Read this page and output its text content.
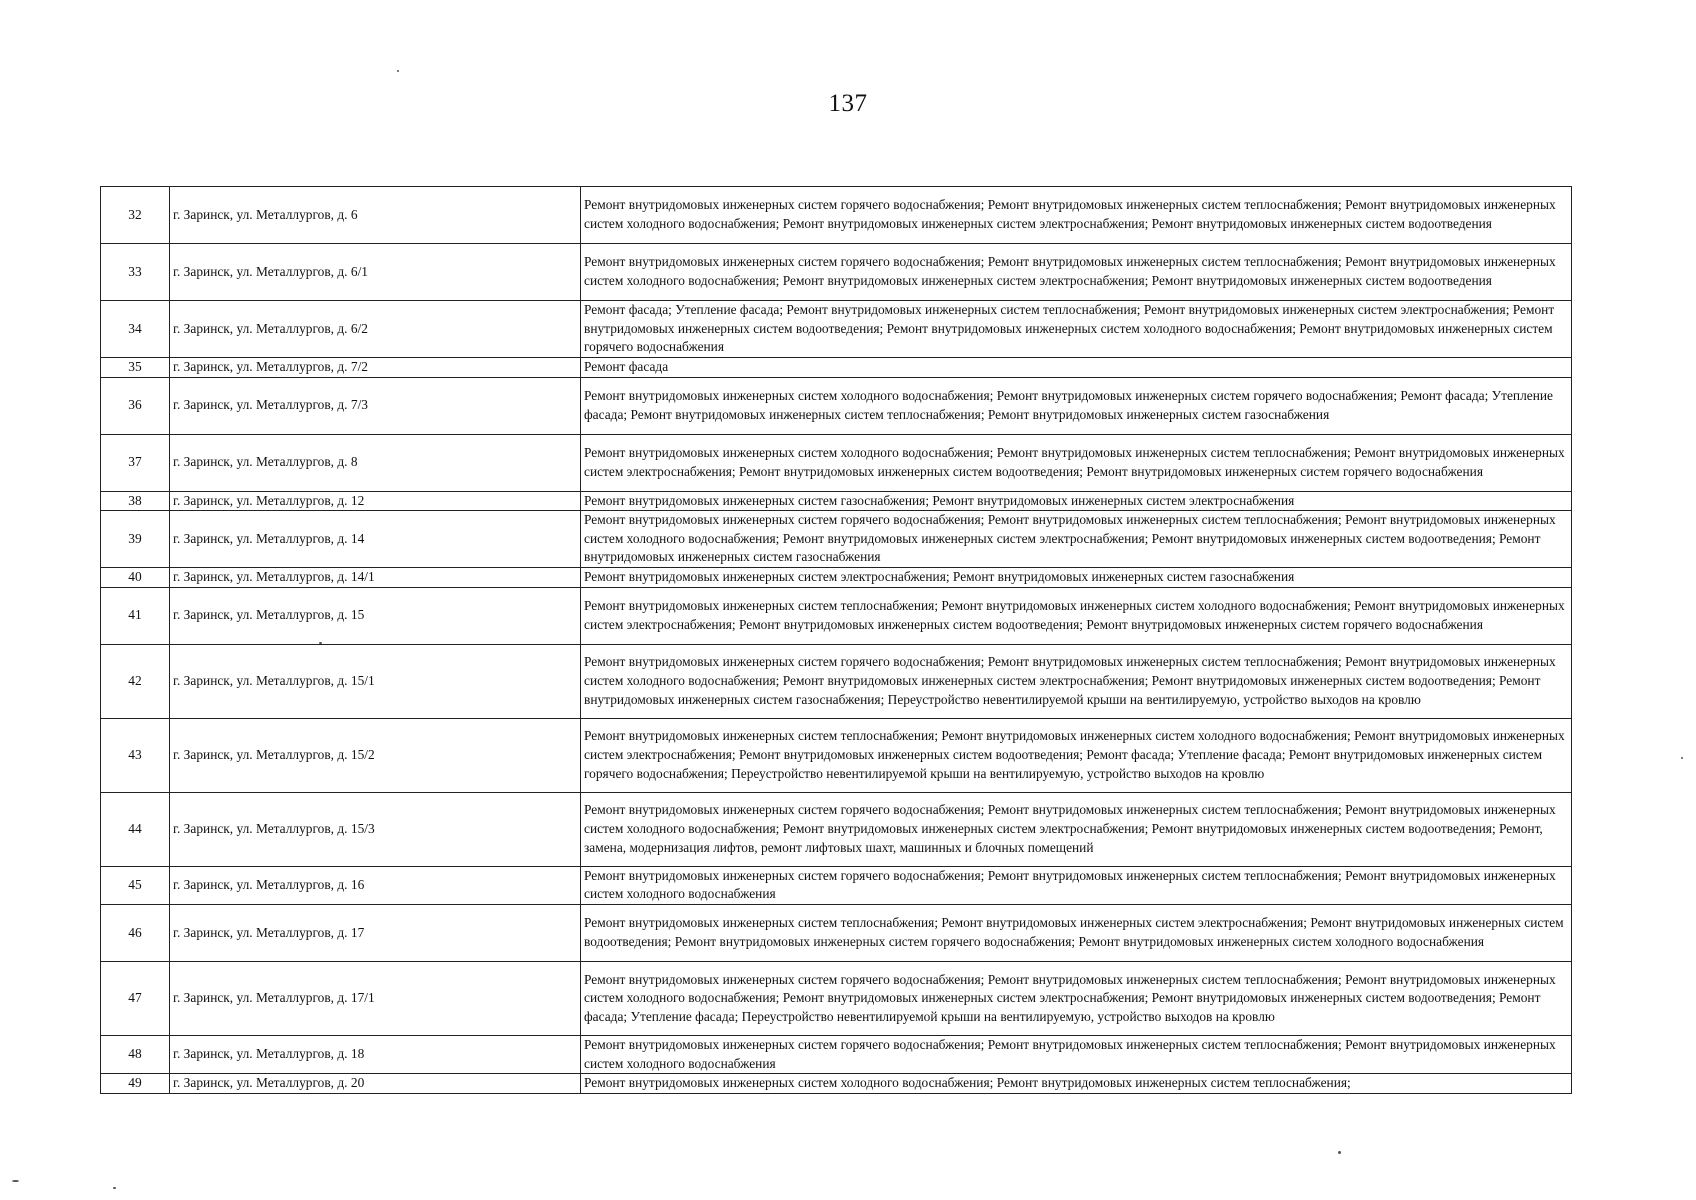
137
32	г. Заринск, ул. Металлургов, д. 6	Ремонт внутридомовых инженерных систем горячего водоснабжения; Ремонт внутридомовых инженерных систем теплоснабжения; Ремонт внутридомовых инженерных систем холодного водоснабжения; Ремонт внутридомовых инженерных систем электроснабжения; Ремонт внутридомовых инженерных систем водоотведения
33	г. Заринск, ул. Металлургов, д. 6/1	Ремонт внутридомовых инженерных систем горячего водоснабжения; Ремонт внутридомовых инженерных систем теплоснабжения; Ремонт внутридомовых инженерных систем холодного водоснабжения; Ремонт внутридомовых инженерных систем электроснабжения; Ремонт внутридомовых инженерных систем водоотведения
34	г. Заринск, ул. Металлургов, д. 6/2	Ремонт фасада; Утепление фасада; Ремонт внутридомовых инженерных систем теплоснабжения; Ремонт внутридомовых инженерных систем электроснабжения; Ремонт внутридомовых инженерных систем водоотведения; Ремонт внутридомовых инженерных систем холодного водоснабжения; Ремонт внутридомовых инженерных систем горячего водоснабжения
35	г. Заринск, ул. Металлургов, д. 7/2	Ремонт фасада
36	г. Заринск, ул. Металлургов, д. 7/3	Ремонт внутридомовых инженерных систем холодного водоснабжения; Ремонт внутридомовых инженерных систем горячего водоснабжения; Ремонт фасада; Утепление фасада; Ремонт внутридомовых инженерных систем теплоснабжения; Ремонт внутридомовых инженерных систем газоснабжения
37	г. Заринск, ул. Металлургов, д. 8	Ремонт внутридомовых инженерных систем холодного водоснабжения; Ремонт внутридомовых инженерных систем теплоснабжения; Ремонт внутридомовых инженерных систем электроснабжения; Ремонт внутридомовых инженерных систем водоотведения; Ремонт внутридомовых инженерных систем горячего водоснабжения
38	г. Заринск, ул. Металлургов, д. 12	Ремонт внутридомовых инженерных систем газоснабжения; Ремонт внутридомовых инженерных систем электроснабжения
39	г. Заринск, ул. Металлургов, д. 14	Ремонт внутридомовых инженерных систем горячего водоснабжения; Ремонт внутридомовых инженерных систем теплоснабжения; Ремонт внутридомовых инженерных систем холодного водоснабжения; Ремонт внутридомовых инженерных систем электроснабжения; Ремонт внутридомовых инженерных систем водоотведения; Ремонт внутридомовых инженерных систем газоснабжения
40	г. Заринск, ул. Металлургов, д. 14/1	Ремонт внутридомовых инженерных систем электроснабжения; Ремонт внутридомовых инженерных систем газоснабжения
41	г. Заринск, ул. Металлургов, д. 15	Ремонт внутридомовых инженерных систем теплоснабжения; Ремонт внутридомовых инженерных систем холодного водоснабжения; Ремонт внутридомовых инженерных систем электроснабжения; Ремонт внутридомовых инженерных систем водоотведения; Ремонт внутридомовых инженерных систем горячего водоснабжения
42	г. Заринск, ул. Металлургов, д. 15/1	Ремонт внутридомовых инженерных систем горячего водоснабжения; Ремонт внутридомовых инженерных систем теплоснабжения; Ремонт внутридомовых инженерных систем холодного водоснабжения; Ремонт внутридомовых инженерных систем электроснабжения; Ремонт внутридомовых инженерных систем водоотведения; Ремонт внутридомовых инженерных систем газоснабжения; Переустройство невентилируемой крыши на вентилируемую, устройство выходов на кровлю
43	г. Заринск, ул. Металлургов, д. 15/2	Ремонт внутридомовых инженерных систем теплоснабжения; Ремонт внутридомовых инженерных систем холодного водоснабжения; Ремонт внутридомовых инженерных систем электроснабжения; Ремонт внутридомовых инженерных систем водоотведения; Ремонт фасада; Утепление фасада; Ремонт внутридомовых инженерных систем горячего водоснабжения; Переустройство невентилируемой крыши на вентилируемую, устройство выходов на кровлю
44	г. Заринск, ул. Металлургов, д. 15/3	Ремонт внутридомовых инженерных систем горячего водоснабжения; Ремонт внутридомовых инженерных систем теплоснабжения; Ремонт внутридомовых инженерных систем холодного водоснабжения; Ремонт внутридомовых инженерных систем электроснабжения; Ремонт внутридомовых инженерных систем водоотведения; Ремонт, замена, модернизация лифтов, ремонт лифтовых шахт, машинных и блочных помещений
45	г. Заринск, ул. Металлургов, д. 16	Ремонт внутридомовых инженерных систем горячего водоснабжения; Ремонт внутридомовых инженерных систем теплоснабжения; Ремонт внутридомовых инженерных систем холодного водоснабжения
46	г. Заринск, ул. Металлургов, д. 17	Ремонт внутридомовых инженерных систем теплоснабжения; Ремонт внутридомовых инженерных систем электроснабжения; Ремонт внутридомовых инженерных систем водоотведения; Ремонт внутридомовых инженерных систем горячего водоснабжения; Ремонт внутридомовых инженерных систем холодного водоснабжения
47	г. Заринск, ул. Металлургов, д. 17/1	Ремонт внутридомовых инженерных систем горячего водоснабжения; Ремонт внутридомовых инженерных систем теплоснабжения; Ремонт внутридомовых инженерных систем холодного водоснабжения; Ремонт внутридомовых инженерных систем электроснабжения; Ремонт внутридомовых инженерных систем водоотведения; Ремонт фасада; Утепление фасада; Переустройство невентилируемой крыши на вентилируемую, устройство выходов на кровлю
48	г. Заринск, ул. Металлургов, д. 18	Ремонт внутридомовых инженерных систем горячего водоснабжения; Ремонт внутридомовых инженерных систем теплоснабжения; Ремонт внутридомовых инженерных систем холодного водоснабжения
49	г. Заринск, ул. Металлургов, д. 20	Ремонт внутридомовых инженерных систем холодного водоснабжения; Ремонт внутридомовых инженерных систем теплоснабжения;
